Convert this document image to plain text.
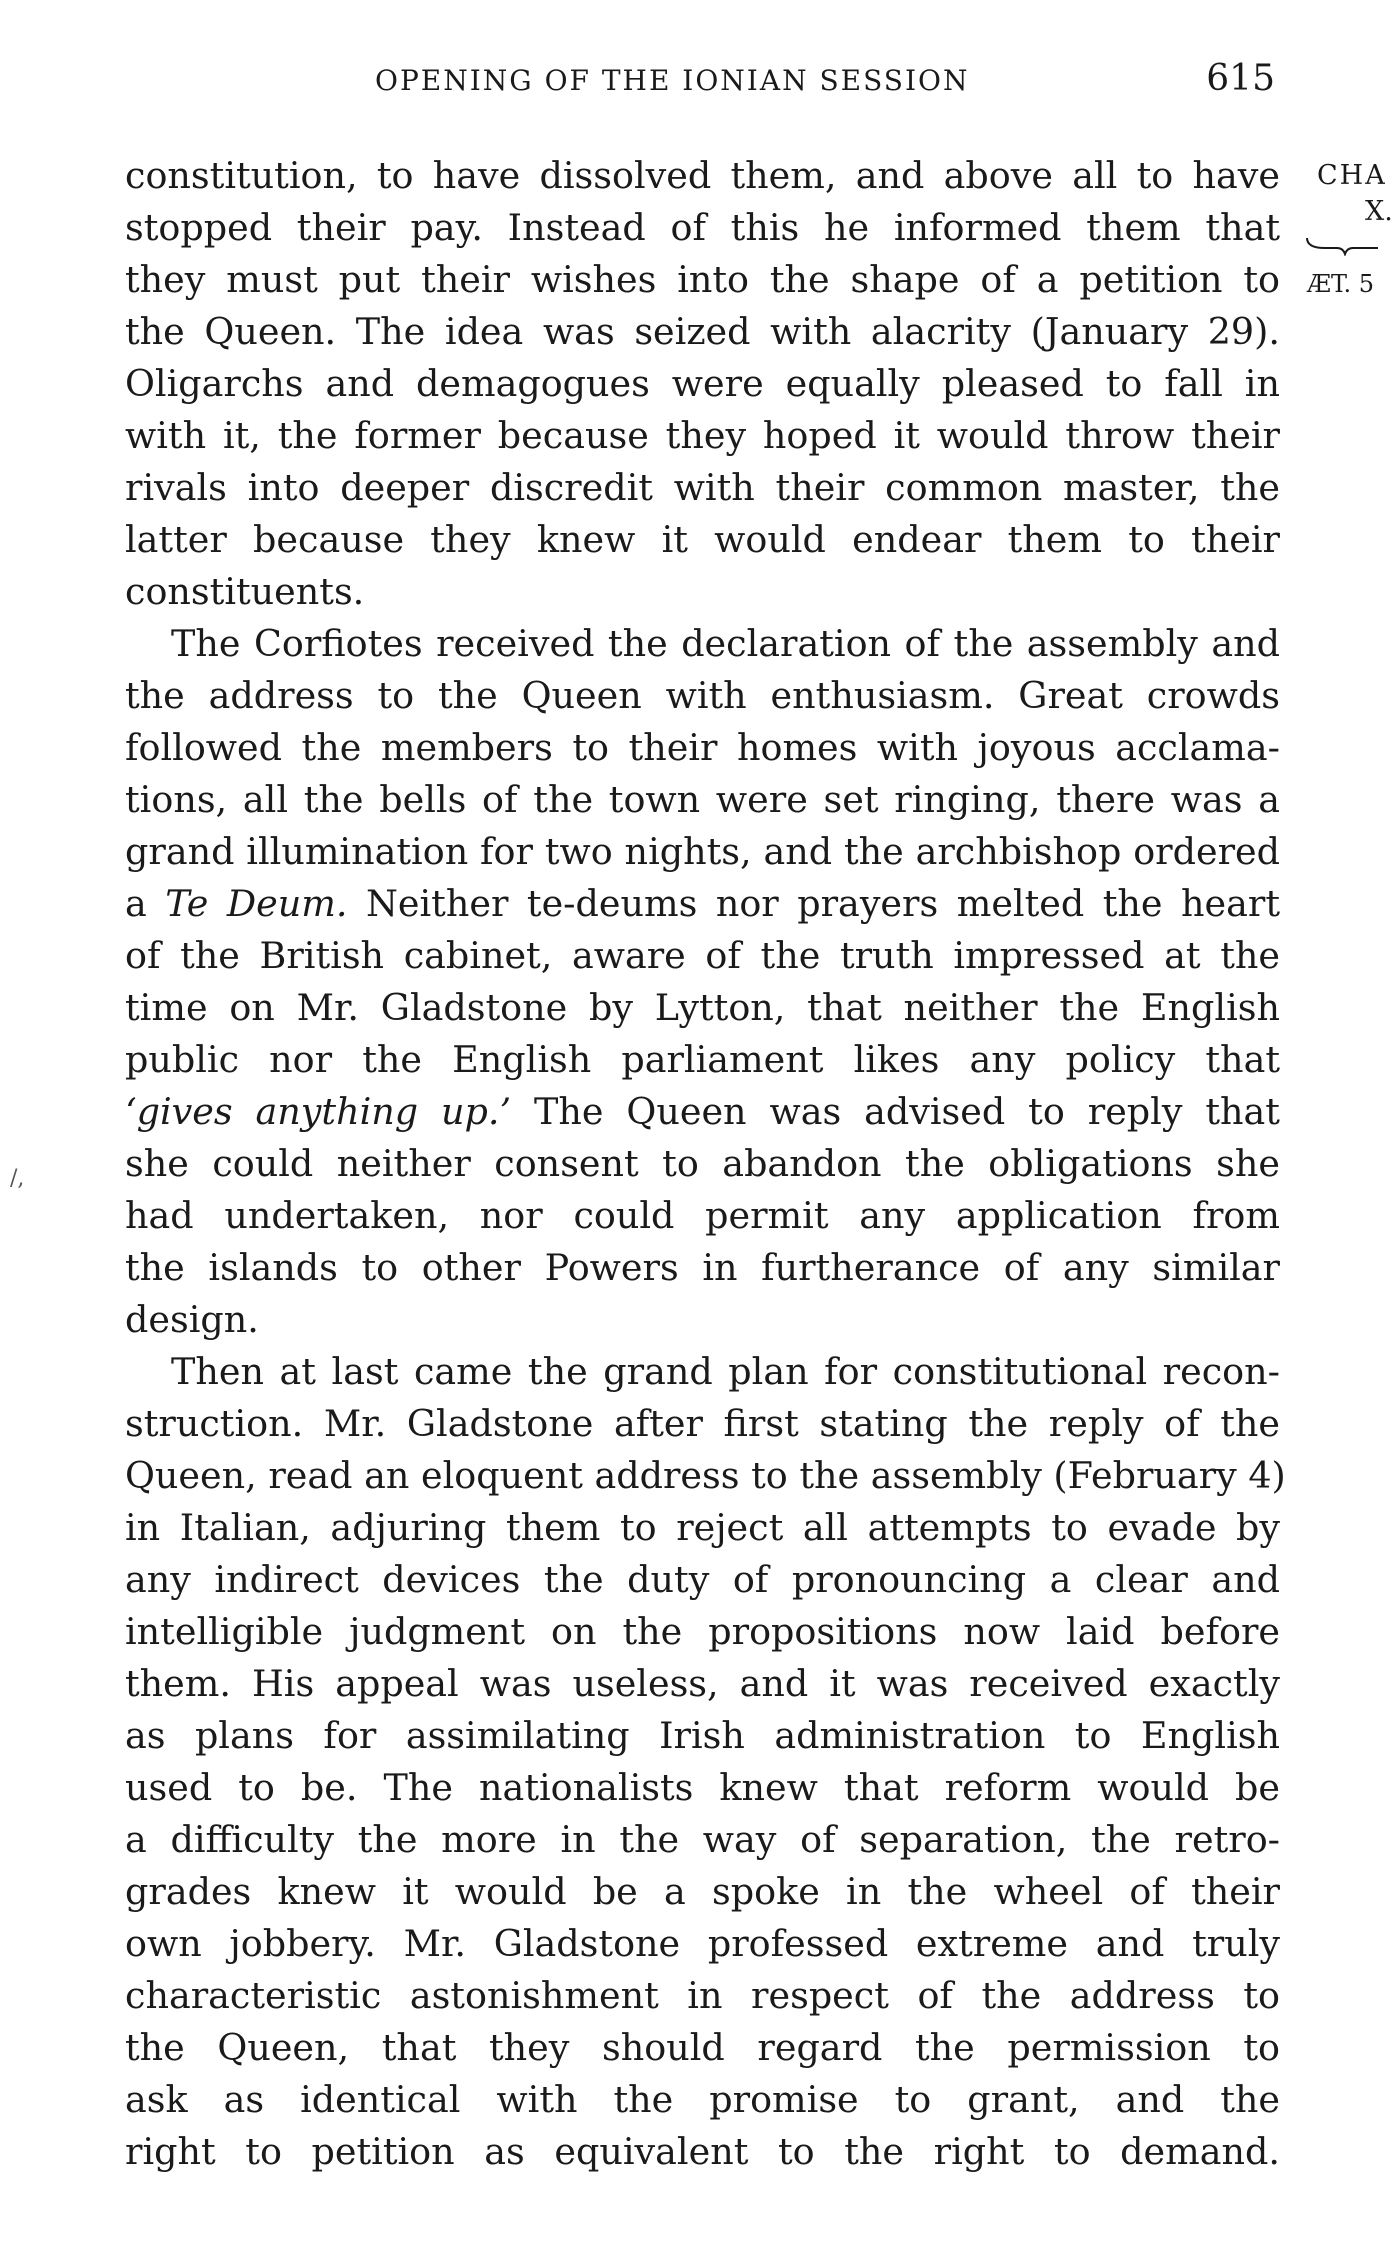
OPENING OF THE IONIAN SESSION	615
CHA
X.
ÆT. 5
/,

constitution, to have dissolved them, and above all to have
stopped their pay. Instead of this he informed them that
they must put their wishes into the shape of a petition to
the Queen. The idea was seized with alacrity (January 29).
Oligarchs and demagogues were equally pleased to fall in
with it, the former because they hoped it would throw their
rivals into deeper discredit with their common master, the
latter because they knew it would endear them to their
constituents.

The Corfiotes received the declaration of the assembly and
the address to the Queen with enthusiasm. Great crowds
followed the members to their homes with joyous acclama-
tions, all the bells of the town were set ringing, there was a
grand illumination for two nights, and the archbishop ordered
a Te Deum. Neither te-deums nor prayers melted the heart
of the British cabinet, aware of the truth impressed at the
time on Mr. Gladstone by Lytton, that neither the English
public nor the English parliament likes any policy that
‘gives anything up.’ The Queen was advised to reply that
she could neither consent to abandon the obligations she
had undertaken, nor could permit any application from
the islands to other Powers in furtherance of any similar
design.

Then at last came the grand plan for constitutional recon-
struction. Mr. Gladstone after first stating the reply of the
Queen, read an eloquent address to the assembly (February 4)
in Italian, adjuring them to reject all attempts to evade by
any indirect devices the duty of pronouncing a clear and
intelligible judgment on the propositions now laid before
them. His appeal was useless, and it was received exactly
as plans for assimilating Irish administration to English
used to be. The nationalists knew that reform would be
a difficulty the more in the way of separation, the retro-
grades knew it would be a spoke in the wheel of their
own jobbery. Mr. Gladstone professed extreme and truly
characteristic astonishment in respect of the address to
the Queen, that they should regard the permission to
ask as identical with the promise to grant, and the
right to petition as equivalent to the right to demand.
